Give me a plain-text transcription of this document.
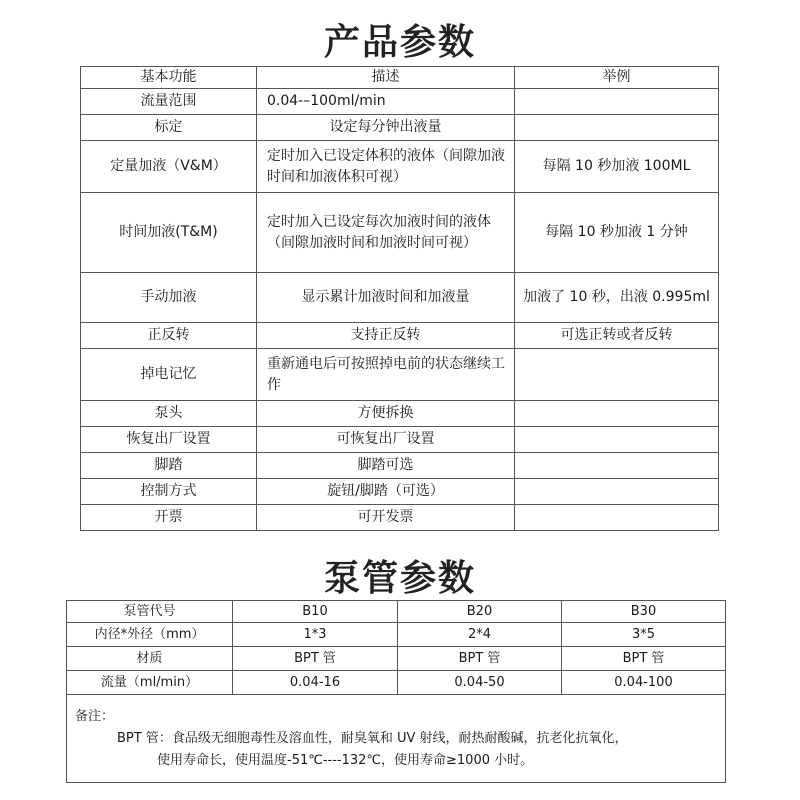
产品参数
基本功能	描述	举例
流量范围	0.04-–100ml/min	
标定	设定每分钟出液量	
定量加液（V&M）	定时加入已设定体积的液体（间隙加液时间和加液体积可视）	每隔 10 秒加液 100ML
时间加液(T&M)	定时加入已设定每次加液时间的液体（间隙加液时间和加液时间可视）	每隔 10 秒加液 1 分钟
手动加液	显示累计加液时间和加液量	加液了 10 秒，出液 0.995ml
正反转	支持正反转	可选正转或者反转
掉电记忆	重新通电后可按照掉电前的状态继续工作	
泵头	方便拆换	
恢复出厂设置	可恢复出厂设置	
脚踏	脚踏可选	
控制方式	旋钮/脚踏（可选）	
开票	可开发票	
泵管参数
泵管代号	B10	B20	B30
内径*外径（mm）	1*3	2*4	3*5
材质	BPT 管	BPT 管	BPT 管
流量（ml/min）	0.04-16	0.04-50	0.04-100
备注：
BPT 管：食品级无细胞毒性及溶血性，耐臭氧和 UV 射线，耐热耐酸碱，抗老化抗氧化，
使用寿命长，使用温度-51℃----132℃，使用寿命≥1000 小时。			
